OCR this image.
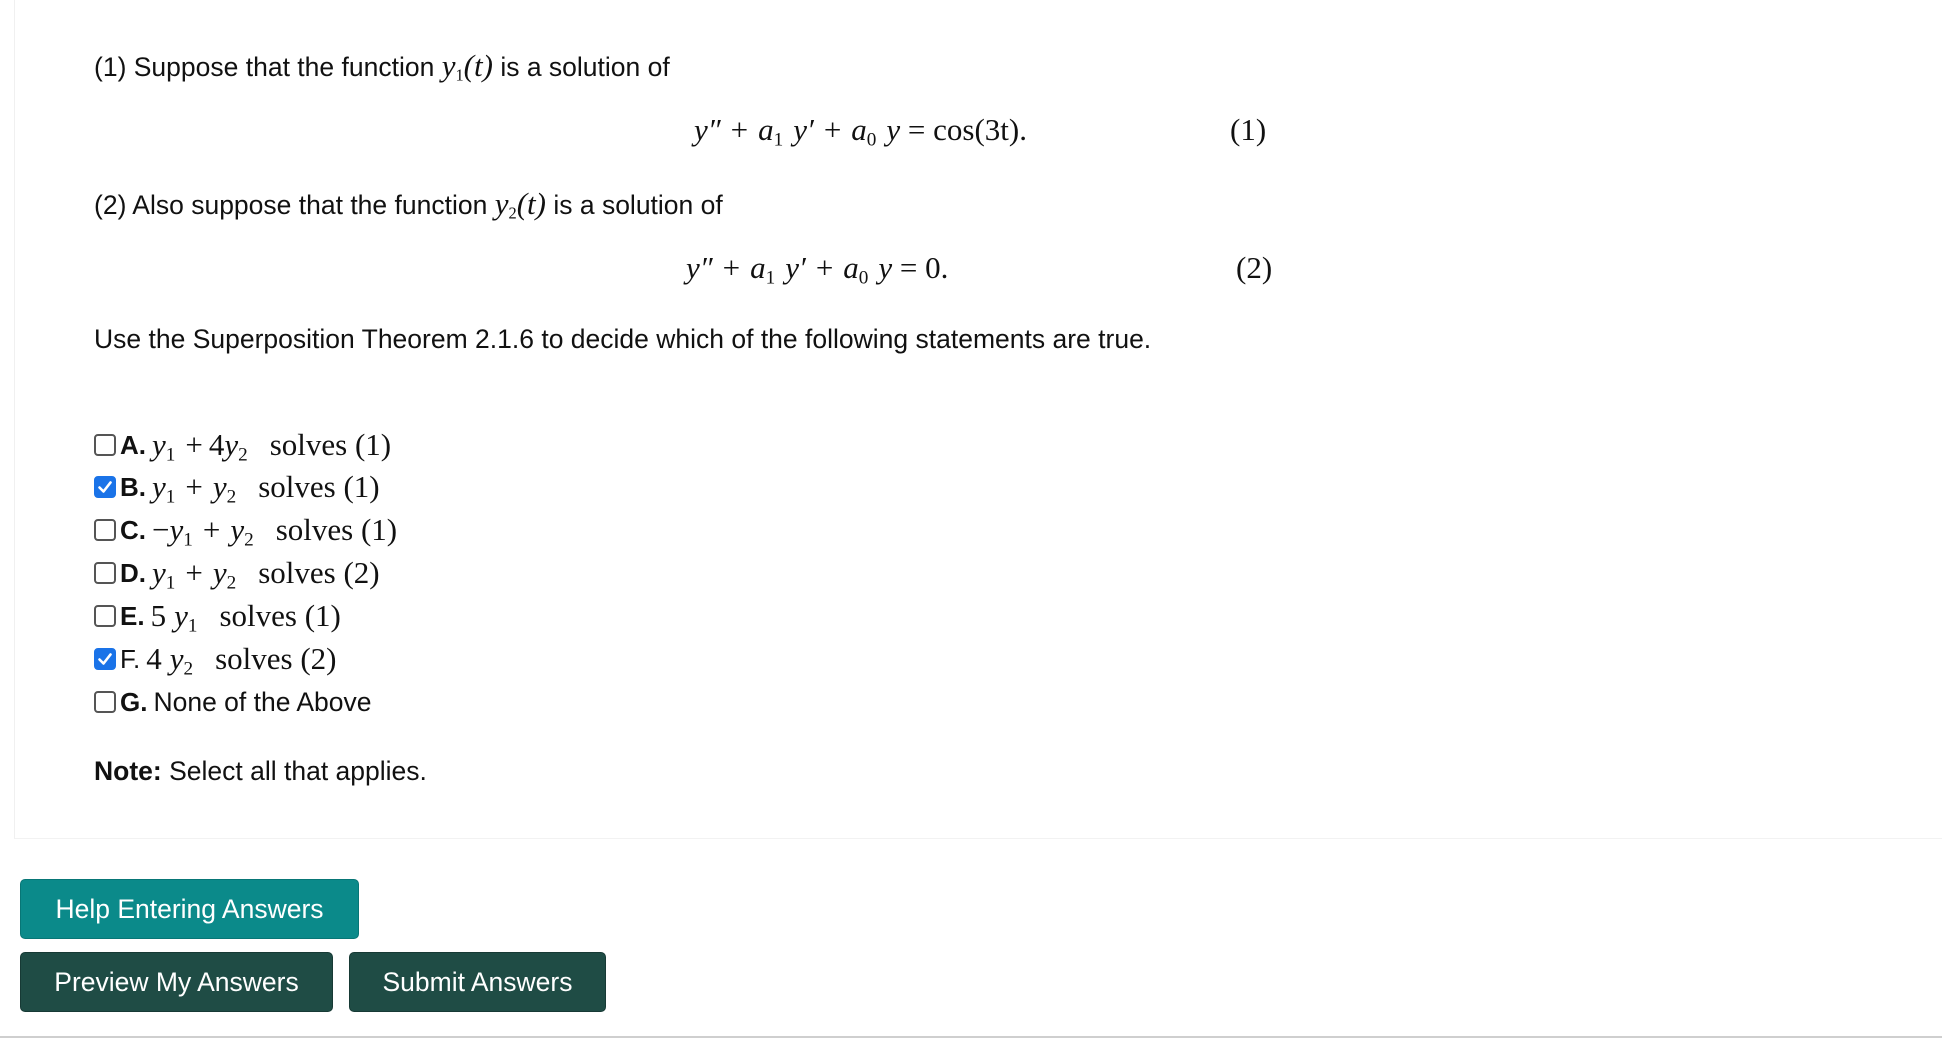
(1) Suppose that the function $y_1(t)$ is a solution of
$y'' + a_1$ $y' + a_0$ y = cos(3t).	(1)
(2) Also suppose that the function $y_2(t)$ is a solution of
$y'' + a_1$ $y' + a_0$ y = 0.	(2)
Use the Superposition Theorem 2.1.6 to decide which of the following statements are true.
A. $y_1 + 4y_2$ solves (1)
B. $y_1 + y_2$ solves (1)
C. $-y_1 + y_2$ solves (1)
D. $y_1 + y_2$ solves (2)
E. 5 $y_1$ solves (1)
F. 4 $y_2$ solves (2)
G. None of the Above
Note: Select all that applies.
Help Entering Answers
Preview My Answers	Submit Answers
